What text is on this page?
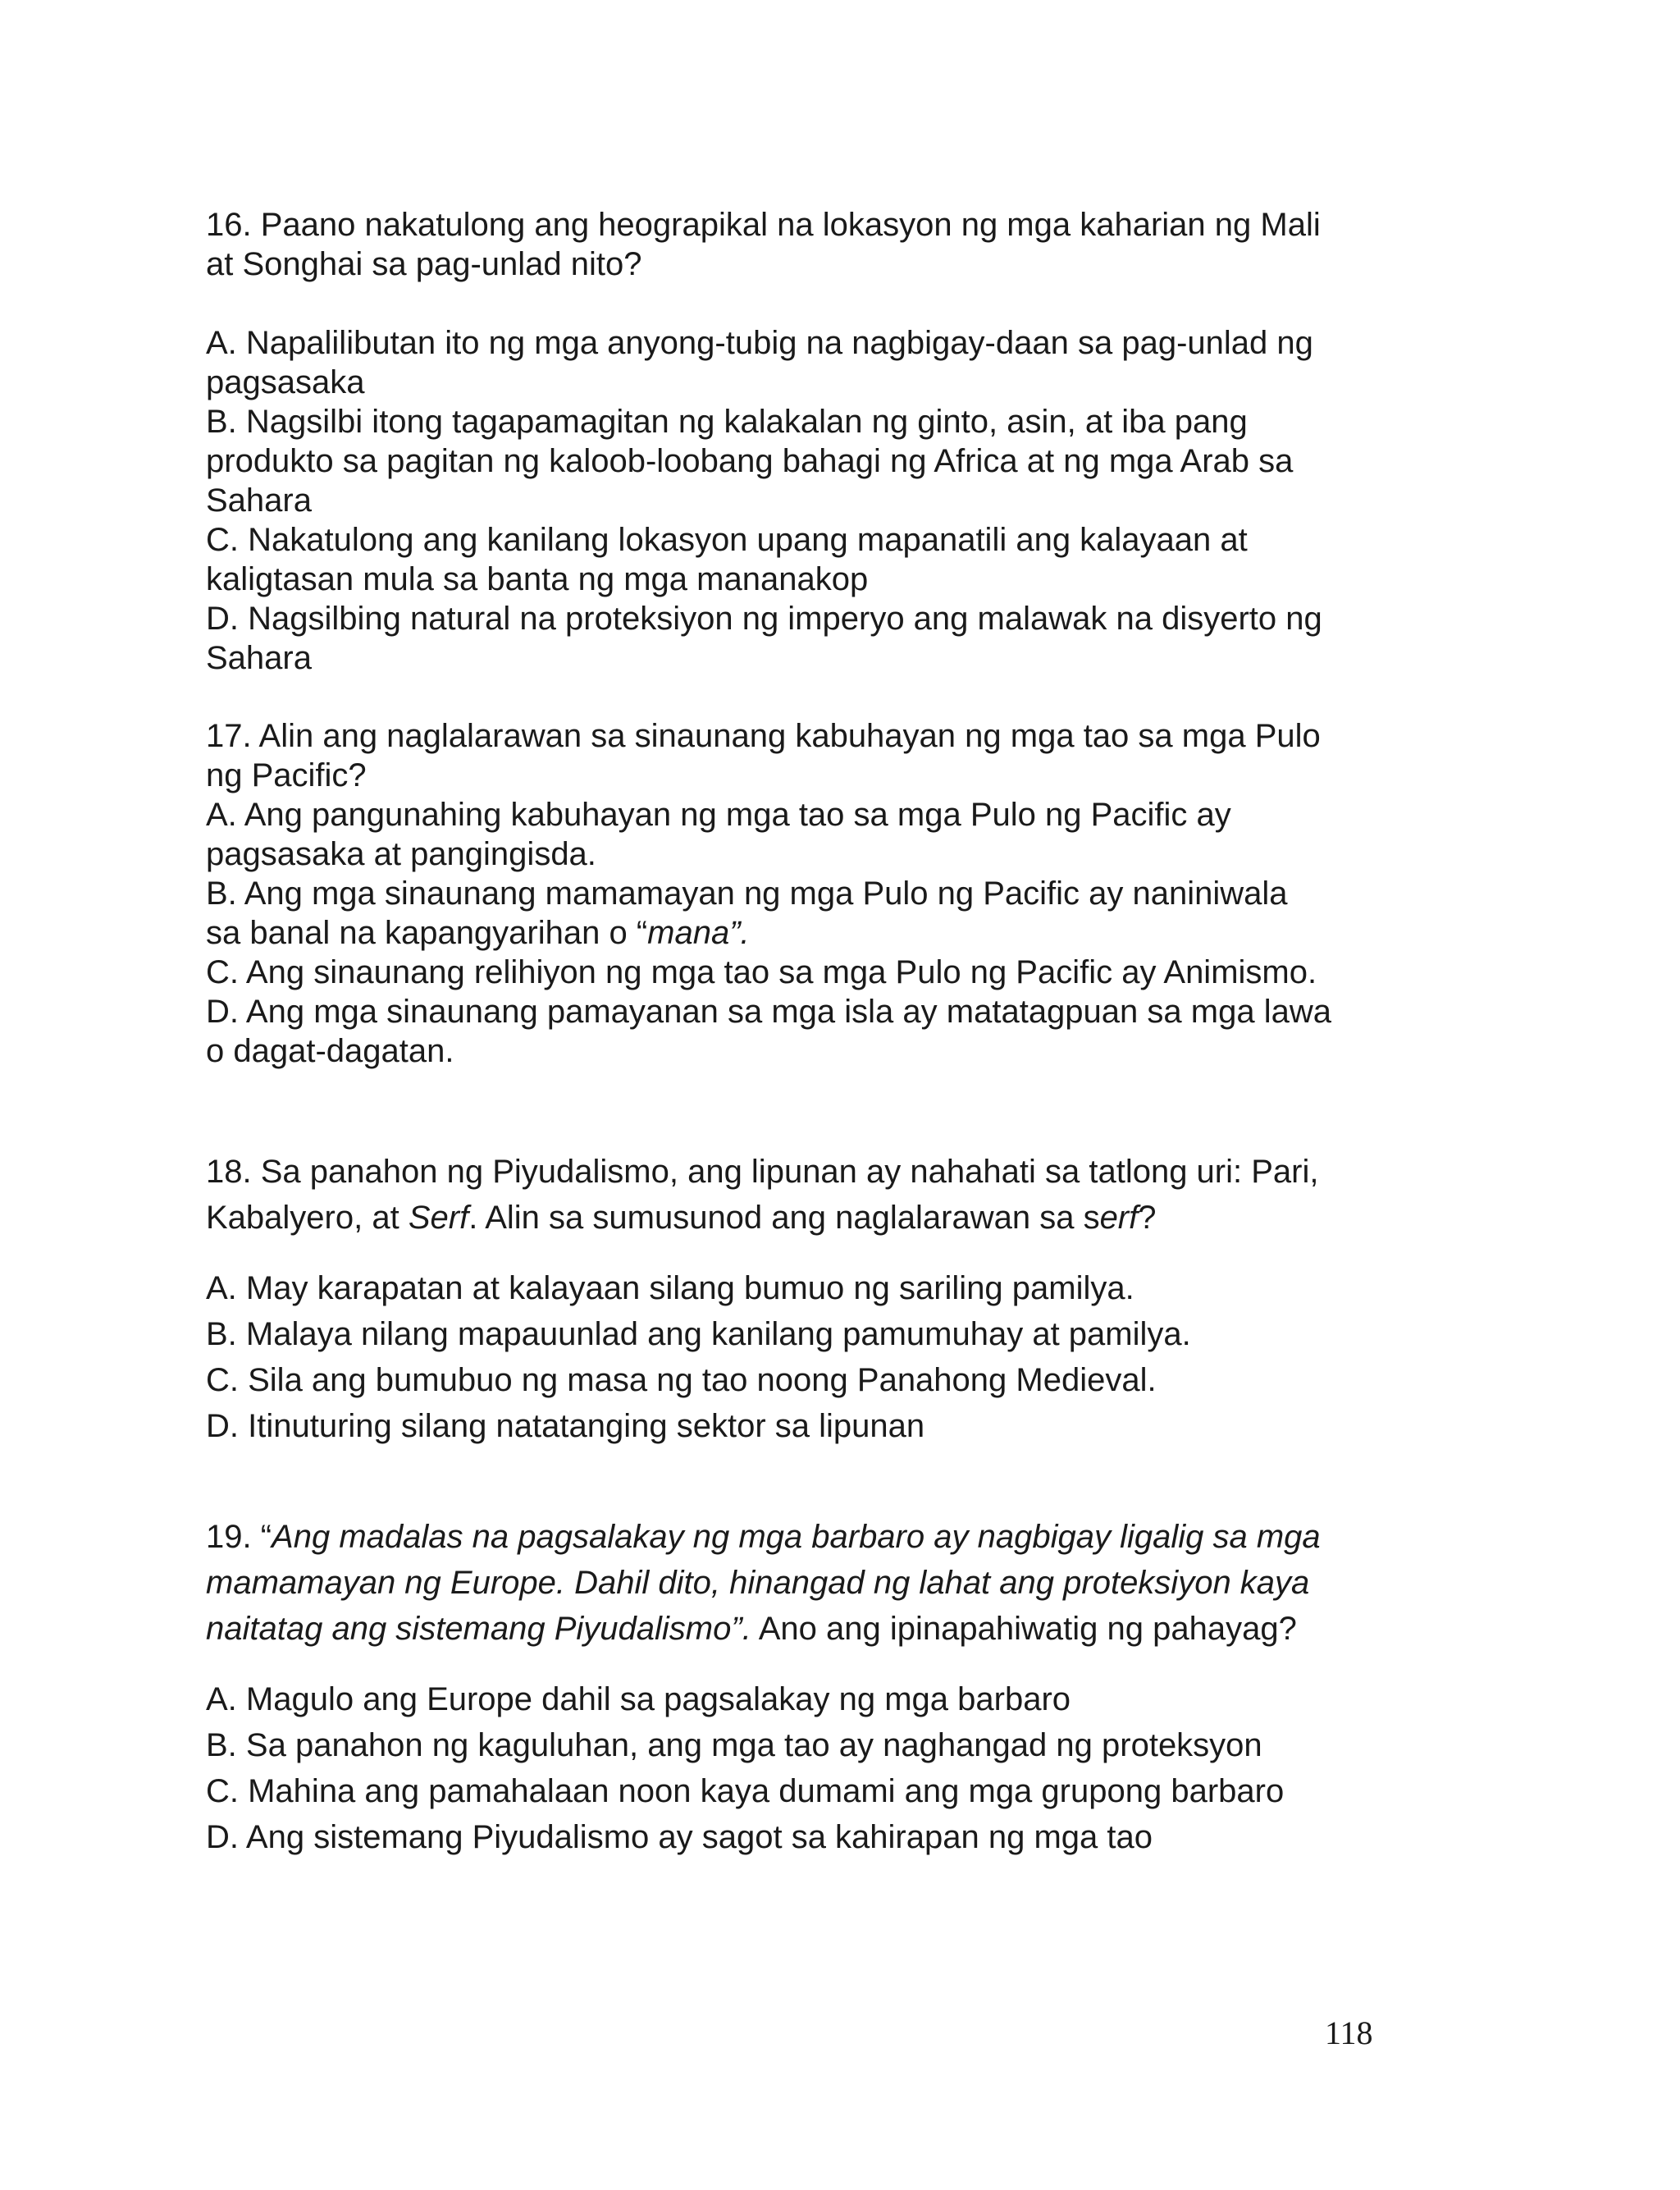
16. Paano nakatulong ang heograpikal na lokasyon ng mga kaharian ng Mali

at Songhai sa pag-unlad nito?

A. Napalilibutan ito ng mga anyong-tubig na nagbigay-daan sa pag-unlad ng

pagsasaka

B. Nagsilbi itong tagapamagitan ng kalakalan ng ginto, asin, at iba pang

produkto sa pagitan ng kaloob-loobang bahagi ng Africa at ng mga Arab sa

Sahara

C. Nakatulong ang kanilang lokasyon upang mapanatili ang kalayaan at

kaligtasan mula sa banta ng mga mananakop

D. Nagsilbing natural na proteksiyon ng imperyo ang malawak na disyerto ng

Sahara

17. Alin ang naglalarawan sa sinaunang kabuhayan ng mga tao sa mga Pulo

ng Pacific?

A. Ang pangunahing kabuhayan ng mga tao sa mga Pulo ng Pacific ay

pagsasaka at pangingisda.

B. Ang mga sinaunang mamamayan ng mga Pulo ng Pacific ay naniniwala

sa banal na kapangyarihan o “mana”.

C. Ang sinaunang relihiyon ng mga tao sa mga Pulo ng Pacific ay Animismo.

D. Ang mga sinaunang pamayanan sa mga isla ay matatagpuan sa mga lawa

o dagat-dagatan.

18. Sa panahon ng Piyudalismo, ang lipunan ay nahahati sa tatlong uri: Pari,

Kabalyero, at Serf. Alin sa sumusunod ang naglalarawan sa serf?

A. May karapatan at kalayaan silang bumuo ng sariling pamilya.

B. Malaya nilang mapauunlad ang kanilang pamumuhay at pamilya.

C. Sila ang bumubuo ng masa ng tao noong Panahong Medieval.

D. Itinuturing silang natatanging sektor sa lipunan

19. “Ang madalas na pagsalakay ng mga barbaro ay nagbigay ligalig sa mga

mamamayan ng Europe. Dahil dito, hinangad ng lahat ang proteksiyon kaya

naitatag ang sistemang Piyudalismo”. Ano ang ipinapahiwatig ng pahayag?

A. Magulo ang Europe dahil sa pagsalakay ng mga barbaro

B. Sa panahon ng kaguluhan, ang mga tao ay naghangad ng proteksyon

C. Mahina ang pamahalaan noon kaya dumami ang mga grupong barbaro

D. Ang sistemang Piyudalismo ay sagot sa kahirapan ng mga tao

118
